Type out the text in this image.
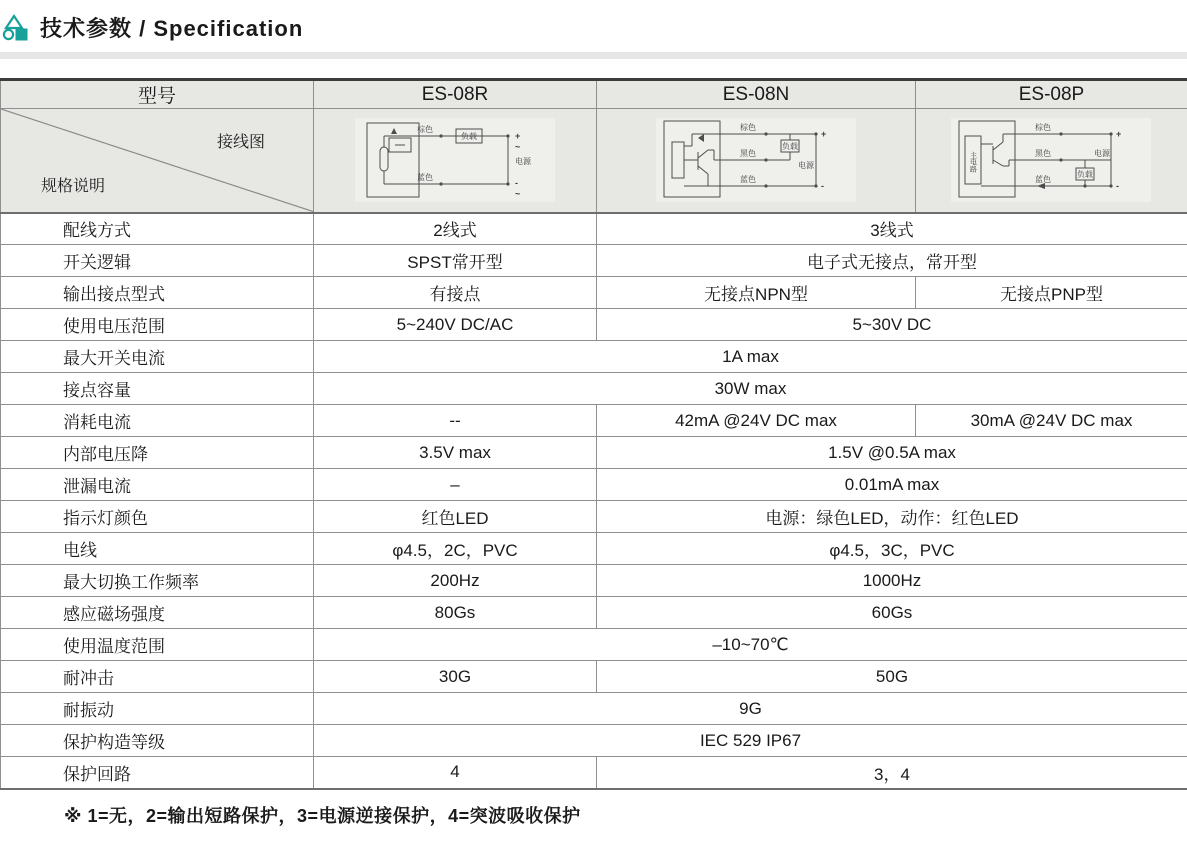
技术参数 / Specification
型号	ES-08R	ES-08N	ES-08P

接线图
规格说明

棕色
蓝色
负载
电源
+
~
-
~

棕色
黑色
蓝色
负载
电源
+
-

主电路
棕色
黑色
蓝色
负载
电源
+
-

配线方式	2线式	3线式	
开关逻辑	SPST常开型	电子式无接点，常开型	
输出接点型式	有接点	无接点NPN型	无接点PNP型
使用电压范围	5~240V DC/AC	5~30V DC	
最大开关电流	1A max		
接点容量	30W max		
消耗电流	--	42mA @24V DC max	30mA @24V DC max
内部电压降	3.5V max	1.5V @0.5A max	
泄漏电流	–	0.01mA max	
指示灯颜色	红色LED	电源：绿色LED，动作：红色LED	
电线	φ4.5，2C，PVC	φ4.5，3C，PVC	
最大切换工作频率	200Hz	1000Hz	
感应磁场强度	80Gs	60Gs	
使用温度范围	–10~70℃		
耐冲击	30G	50G	
耐振动	9G		
保护构造等级	IEC 529 IP67		
保护回路	4	3，4	

※ 1=无，2=输出短路保护，3=电源逆接保护，4=突波吸收保护
